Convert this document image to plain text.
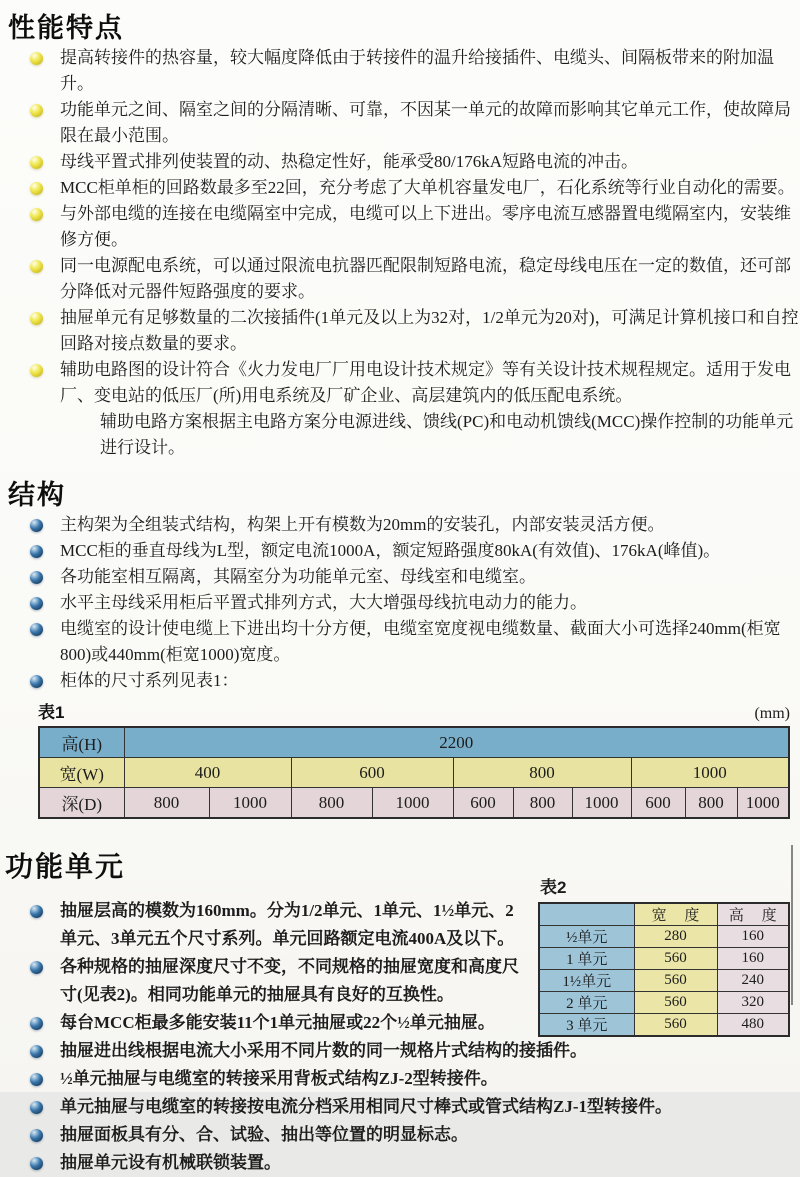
性能特点
提高转接件的热容量，较大幅度降低由于转接件的温升给接插件、电缆头、间隔板带来的附加温升。
功能单元之间、隔室之间的分隔清晰、可靠，不因某一单元的故障而影响其它单元工作，使故障局限在最小范围。
母线平置式排列使装置的动、热稳定性好，能承受80/176kA短路电流的冲击。
MCC柜单柜的回路数最多至22回，充分考虑了大单机容量发电厂，石化系统等行业自动化的需要。
与外部电缆的连接在电缆隔室中完成，电缆可以上下进出。零序电流互感器置电缆隔室内，安装维修方便。
同一电源配电系统，可以通过限流电抗器匹配限制短路电流，稳定母线电压在一定的数值，还可部分降低对元器件短路强度的要求。
抽屉单元有足够数量的二次接插件(1单元及以上为32对，1/2单元为20对)，可满足计算机接口和自控回路对接点数量的要求。
辅助电路图的设计符合《火力发电厂厂用电设计技术规定》等有关设计技术规程规定。适用于发电厂、变电站的低压厂(所)用电系统及厂矿企业、高层建筑内的低压配电系统。

辅助电路方案根据主电路方案分电源进线、馈线(PC)和电动机馈线(MCC)操作控制的功能单元进行设计。

结构
主构架为全组装式结构，构架上开有模数为20mm的安装孔，内部安装灵活方便。
MCC柜的垂直母线为L型，额定电流1000A，额定短路强度80kA(有效值)、176kA(峰值)。
各功能室相互隔离，其隔室分为功能单元室、母线室和电缆室。
水平主母线采用柜后平置式排列方式，大大增强母线抗电动力的能力。
电缆室的设计使电缆上下进出均十分方便，电缆室宽度视电缆数量、截面大小可选择240mm(柜宽800)或440mm(柜宽1000)宽度。
柜体的尺寸系列见表1：
表1	(mm)
高(H)	2200									
宽(W)	400		600		800			1000		
深(D)	800	1000	800	1000	600	800	1000	600	800	1000
功能单元
表2
	宽 度	高 度
½单元	280	160
1 单元	560	160
1½单元	560	240
2 单元	560	320
3 单元	560	480
抽屉层高的模数为160mm。分为1/2单元、1单元、1½单元、2单元、3单元五个尺寸系列。单元回路额定电流400A及以下。
各种规格的抽屉深度尺寸不变，不同规格的抽屉宽度和高度尺寸(见表2)。相同功能单元的抽屉具有良好的互换性。
每台MCC柜最多能安装11个1单元抽屉或22个½单元抽屉。
抽屉进出线根据电流大小采用不同片数的同一规格片式结构的接插件。
½单元抽屉与电缆室的转接采用背板式结构ZJ-2型转接件。
单元抽屉与电缆室的转接按电流分档采用相同尺寸棒式或管式结构ZJ-1型转接件。
抽屉面板具有分、合、试验、抽出等位置的明显标志。
抽屉单元设有机械联锁装置。
